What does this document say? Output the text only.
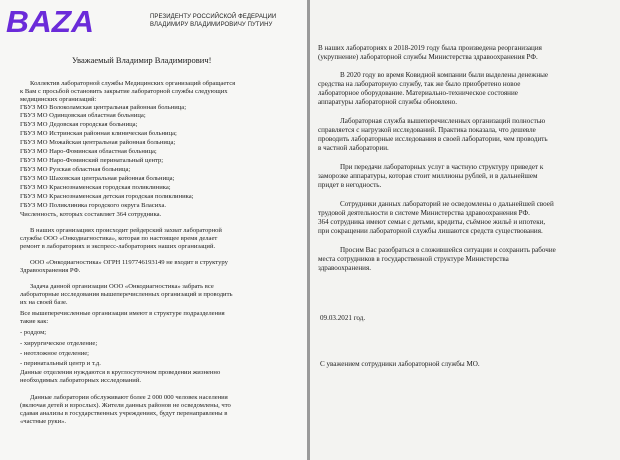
BAZA	ПРЕЗИДЕНТУ РОССИЙСКОЙ ФЕДЕРАЦИИ
ВЛАДИМИРУ ВЛАДИМИРОВИЧУ ПУТИНУ
Уважаемый Владимир Владимирович!
Коллектив лабораторной службы Медицинских организаций обращается
к Вам с просьбой остановить закрытие лабораторной службы следующих
медицинских организаций:
ГБУЗ МО Волоколамская центральная районная больница;
ГБУЗ МО Одинцовская областная больница;
ГБУЗ МО Дедовская городская больница;
ГБУЗ МО Истринская районная клиническая больница;
ГБУЗ МО Можайская центральная районная больница;
ГБУЗ МО Наро-Фоминская областная больница;
ГБУЗ МО Наро-Фоминский перинатальный центр;
ГБУЗ МО Рузская областная больница;
ГБУЗ МО Шаховская центральная районная больница;
ГБУЗ МО Краснознаменская городская поликлиника;
ГБУЗ МО Краснознаменская детская городская поликлиника;
ГБУЗ МО Поликлиника городского округа Власиха.
Численность, которых составляет 364 сотрудника.
В наших организациях происходит рейдерский захват лабораторной
службы ООО «Онкодиагностика», которая по настоящее время делает
ремонт в лабораториях и экспресс-лабораториях наших организаций.
ООО «Онкодиагностика» ОГРН 1197746193149 не входит в структуру
Здравоохранения РФ.
Задача данной организации ООО «Онкодиагностика» забрать все
лабораторные исследования вышеперечисленных организаций и проводить
их на своей базе.
Все вышеперечисленные организации имеют в структуре подразделения
такие как:
- роддом;
- хирургическое отделение;
- неотложное отделение;
- перинатальный центр и т.д.
Данные отделения нуждаются в круглосуточном проведении жизненно
необходимых лабораторных исследований.
Данные лаборатории обслуживают более 2 000 000 человек населения
(включая детей и взрослых). Жители данных районов не осведомлены, что
сдавая анализы в государственных учреждениях, будут перенаправлены в
«частные руки».
В наших лабораториях в 2018-2019 году была произведена реорганизация
(укрупнение) лабораторной службы Министерства здравоохранения РФ.
В 2020 году во время Ковидной компании были выделены денежные
средства на лабораторную службу, так же было приобретено новое
лабораторное оборудование. Материально-техническое состояние
аппаратуры лабораторной службы обновлено.
Лабораторная служба вышеперечисленных организаций полностью
справляется с нагрузкой исследований. Практика показала, что дешевле
проводить лабораторные исследования в своей лаборатории, чем проводить
в частной лаборатории.
При передачи лабораторных услуг в частную структуру приведет к
заморозке аппаратуры, которая стоит миллионы рублей, и в дальнейшем
придет в негодность.
Сотрудники данных лабораторий не осведомлены о дальнейшей своей
трудовой деятельности в системе Министерства здравоохранения РФ.
364 сотрудника имеют семьи с детьми, кредиты, съёмное жильё и ипотеки,
при сокращении лабораторной службы лишаются средств существования.
Просим Вас разобраться в сложившейся ситуации и сохранить рабочие
места сотрудников в государственной структуре Министерства
здравоохранения.
09.03.2021 год.
С уважением сотрудники лабораторной службы МО.
